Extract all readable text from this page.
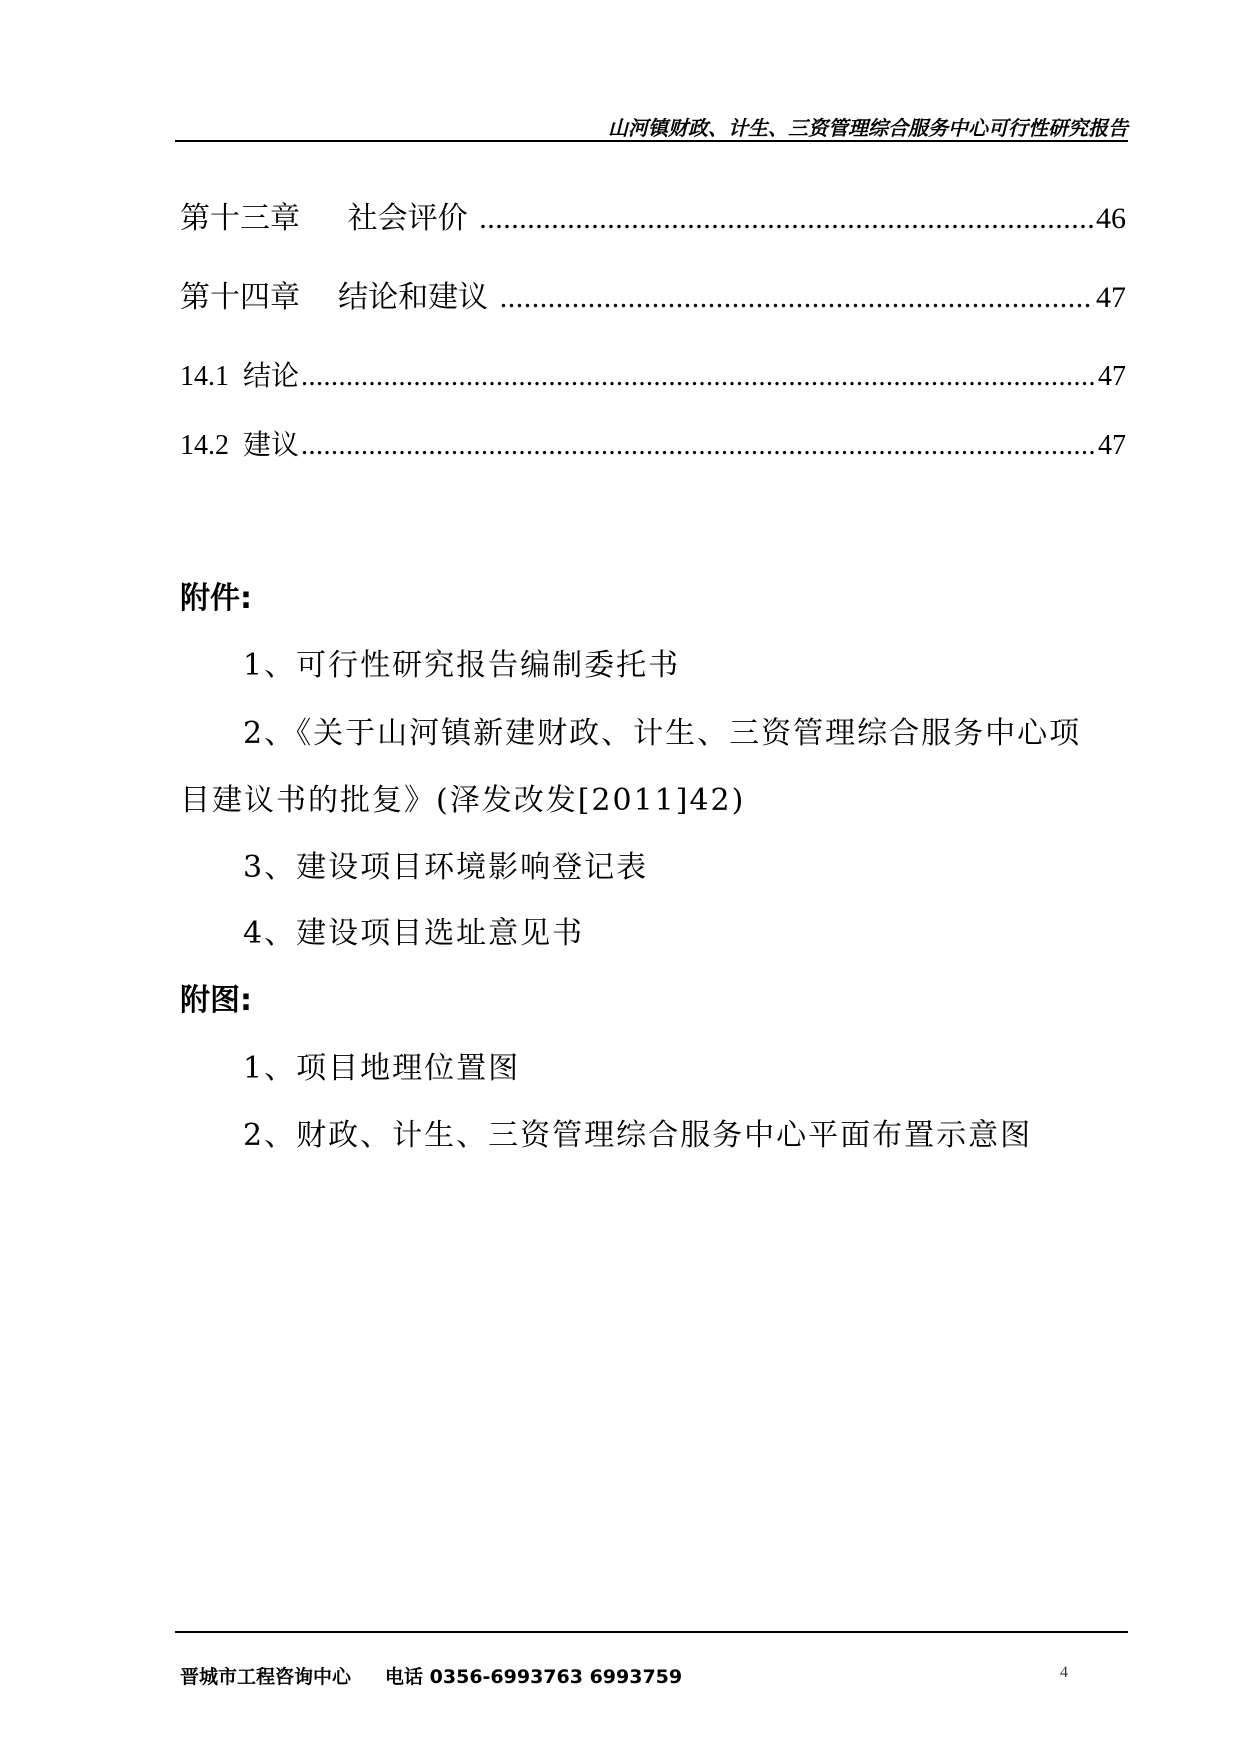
山河镇财政、计生、三资管理综合服务中心可行性研究报告
第十三章     社会评价 .....	46
第十四章    结论和建议 .....	47
14.1  结论 .....	47
14.2  建议 .....	47
附件:
1、可行性研究报告编制委托书
2、《关于山河镇新建财政、计生、三资管理综合服务中心项
目建议书的批复》(泽发改发[2011]42)
3、建设项目环境影响登记表
4、建设项目选址意见书
附图:
1、项目地理位置图
2、财政、计生、三资管理综合服务中心平面布置示意图
晋城市工程咨询中心 电话 0356-6993763 6993759	4
